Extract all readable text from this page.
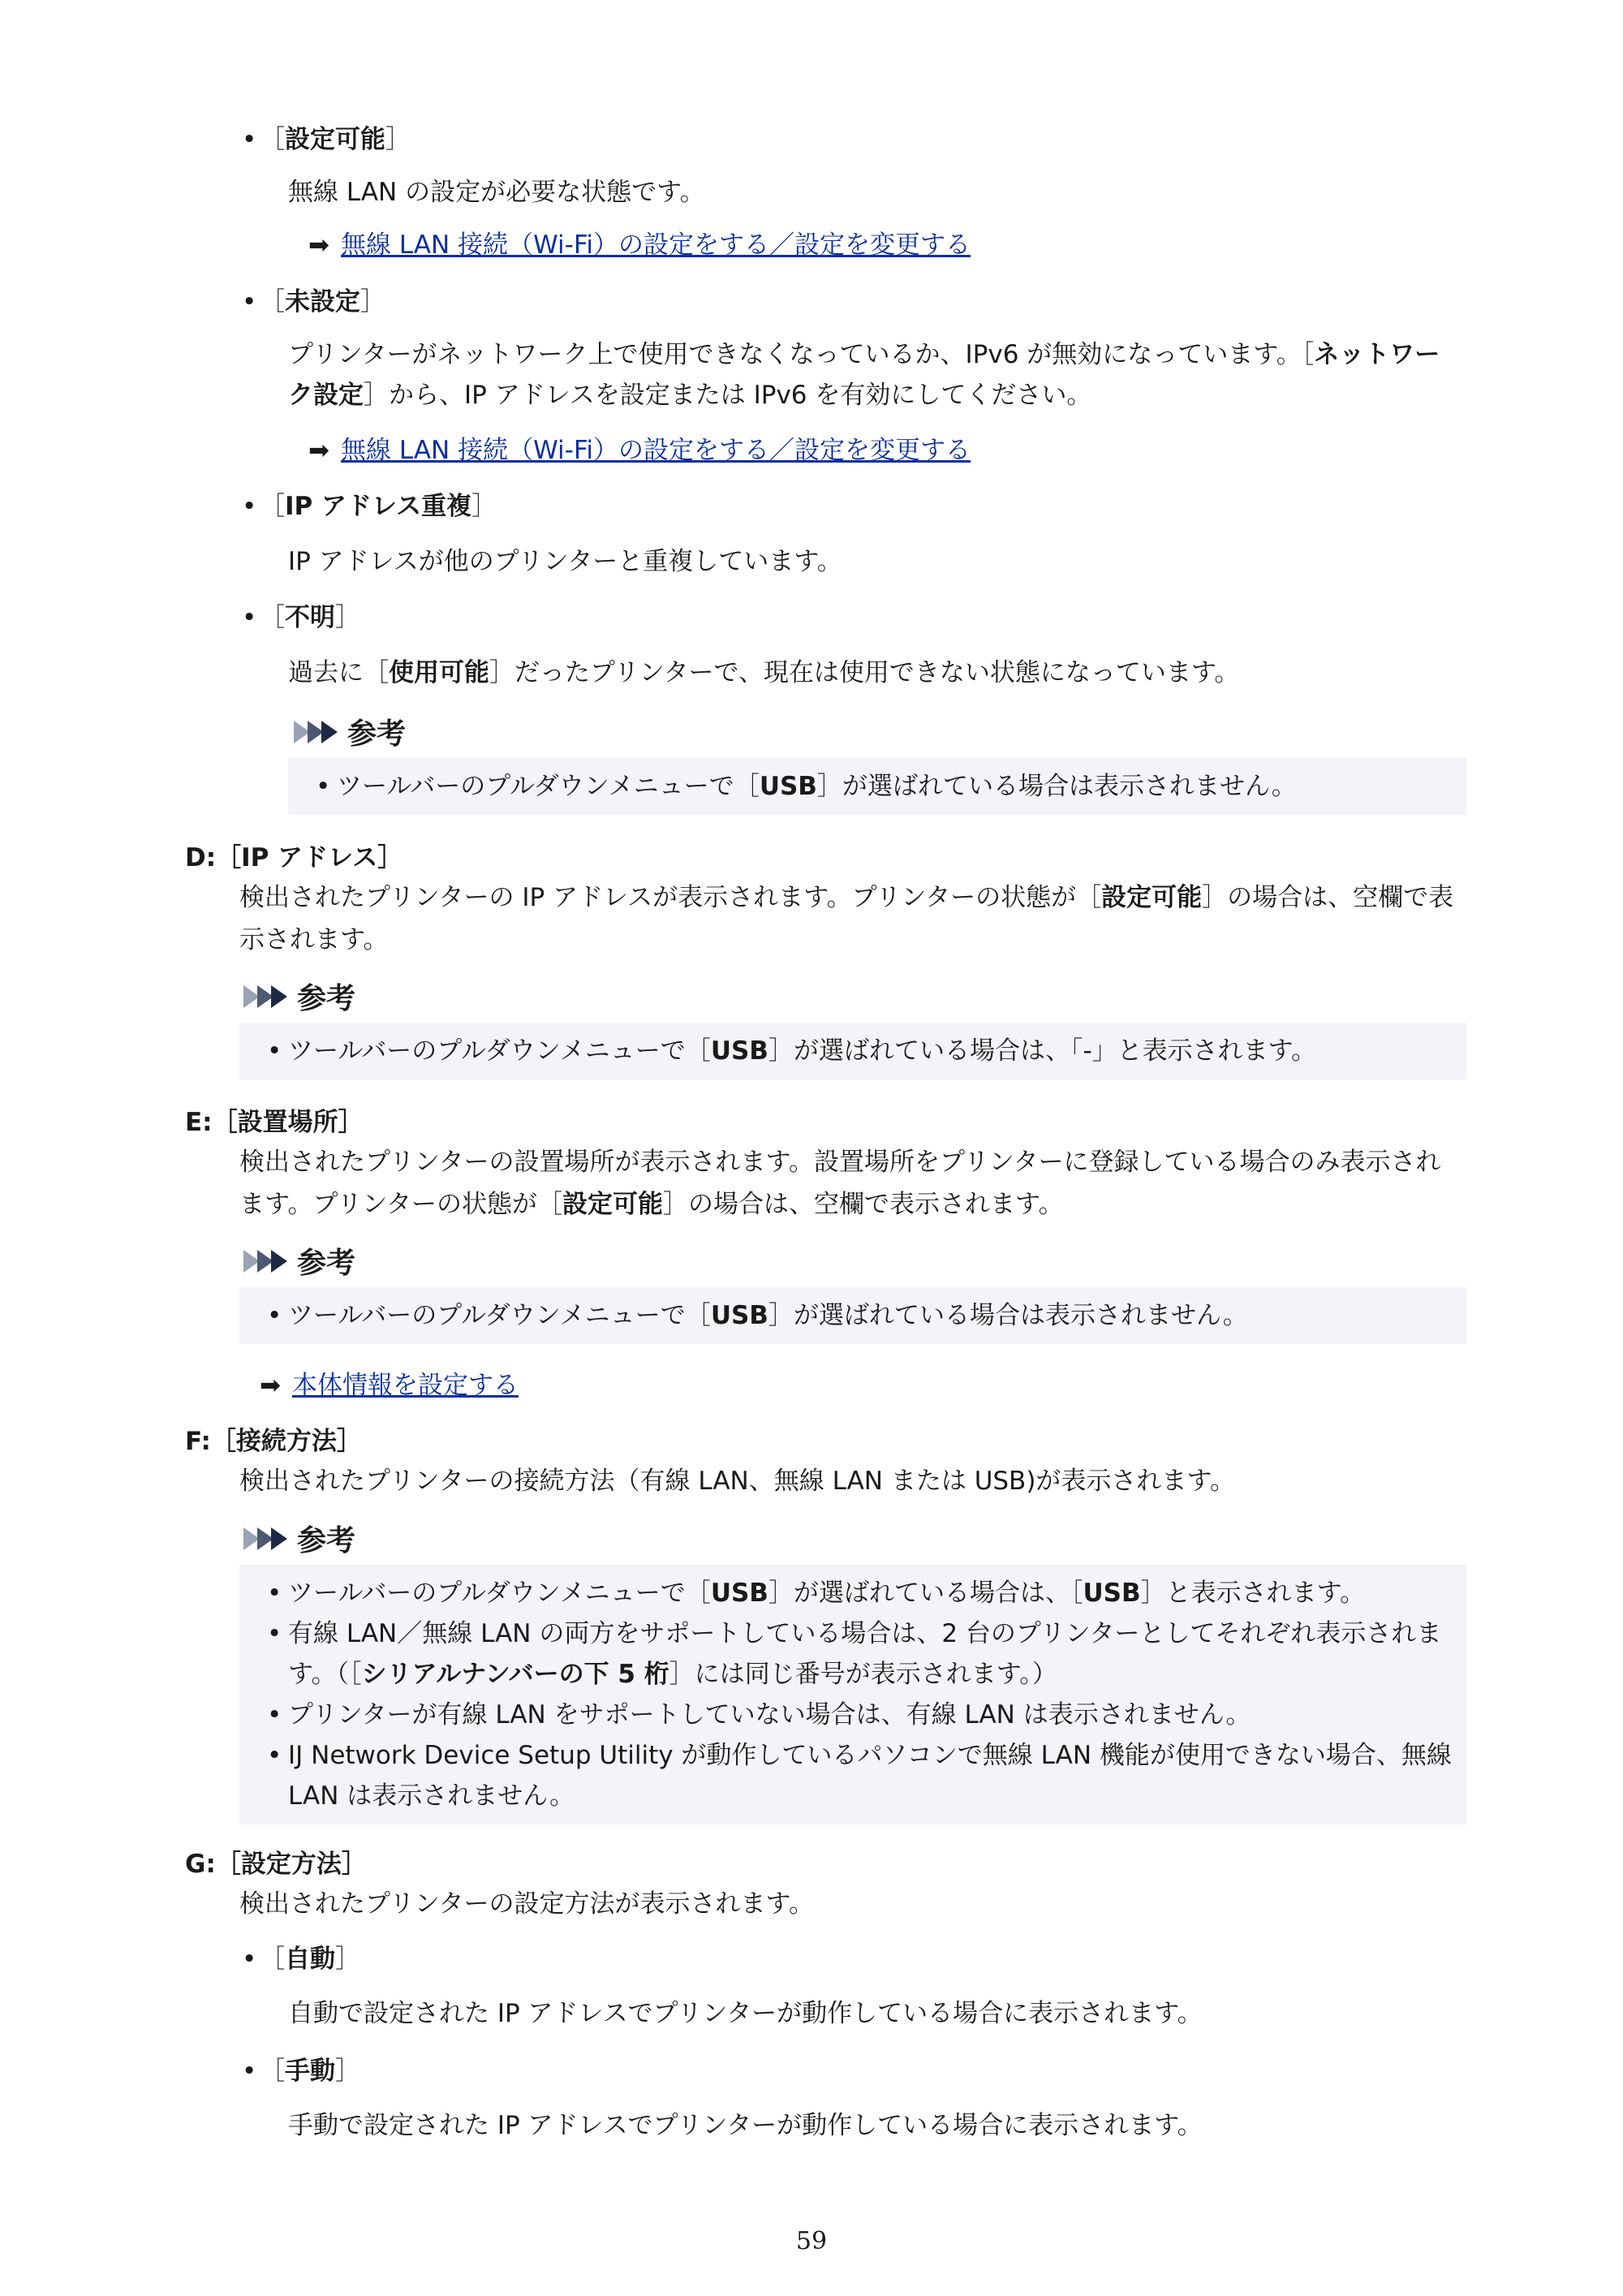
• ［設定可能］
無線 LAN の設定が必要な状態です。
➡ 無線 LAN 接続（Wi-Fi）の設定をする／設定を変更する
• ［未設定］
プリンターがネットワーク上で使用できなくなっているか、IPv6 が無効になっています。［ネットワーク設定］から、IP アドレスを設定または IPv6 を有効にしてください。
➡ 無線 LAN 接続（Wi-Fi）の設定をする／設定を変更する
• ［IP アドレス重複］
IP アドレスが他のプリンターと重複しています。
• ［不明］
過去に［使用可能］だったプリンターで、現在は使用できない状態になっています。
参考
• ツールバーのプルダウンメニューで［USB］が選ばれている場合は表示されません。
D:［IP アドレス］
検出されたプリンターの IP アドレスが表示されます。プリンターの状態が［設定可能］の場合は、空欄で表示されます。
参考
• ツールバーのプルダウンメニューで［USB］が選ばれている場合は、「-」と表示されます。
E:［設置場所］
検出されたプリンターの設置場所が表示されます。設置場所をプリンターに登録している場合のみ表示されます。プリンターの状態が［設定可能］の場合は、空欄で表示されます。
参考
• ツールバーのプルダウンメニューで［USB］が選ばれている場合は表示されません。
➡ 本体情報を設定する
F:［接続方法］
検出されたプリンターの接続方法（有線 LAN、無線 LAN または USB)が表示されます。
参考
• ツールバーのプルダウンメニューで［USB］が選ばれている場合は、［USB］と表示されます。
• 有線 LAN／無線 LAN の両方をサポートしている場合は、2 台のプリンターとしてそれぞれ表示されます。（［シリアルナンバーの下 5 桁］には同じ番号が表示されます。）
• プリンターが有線 LAN をサポートしていない場合は、有線 LAN は表示されません。
• IJ Network Device Setup Utility が動作しているパソコンで無線 LAN 機能が使用できない場合、無線 LAN は表示されません。
G:［設定方法］
検出されたプリンターの設定方法が表示されます。
• ［自動］
自動で設定された IP アドレスでプリンターが動作している場合に表示されます。
• ［手動］
手動で設定された IP アドレスでプリンターが動作している場合に表示されます。
59
